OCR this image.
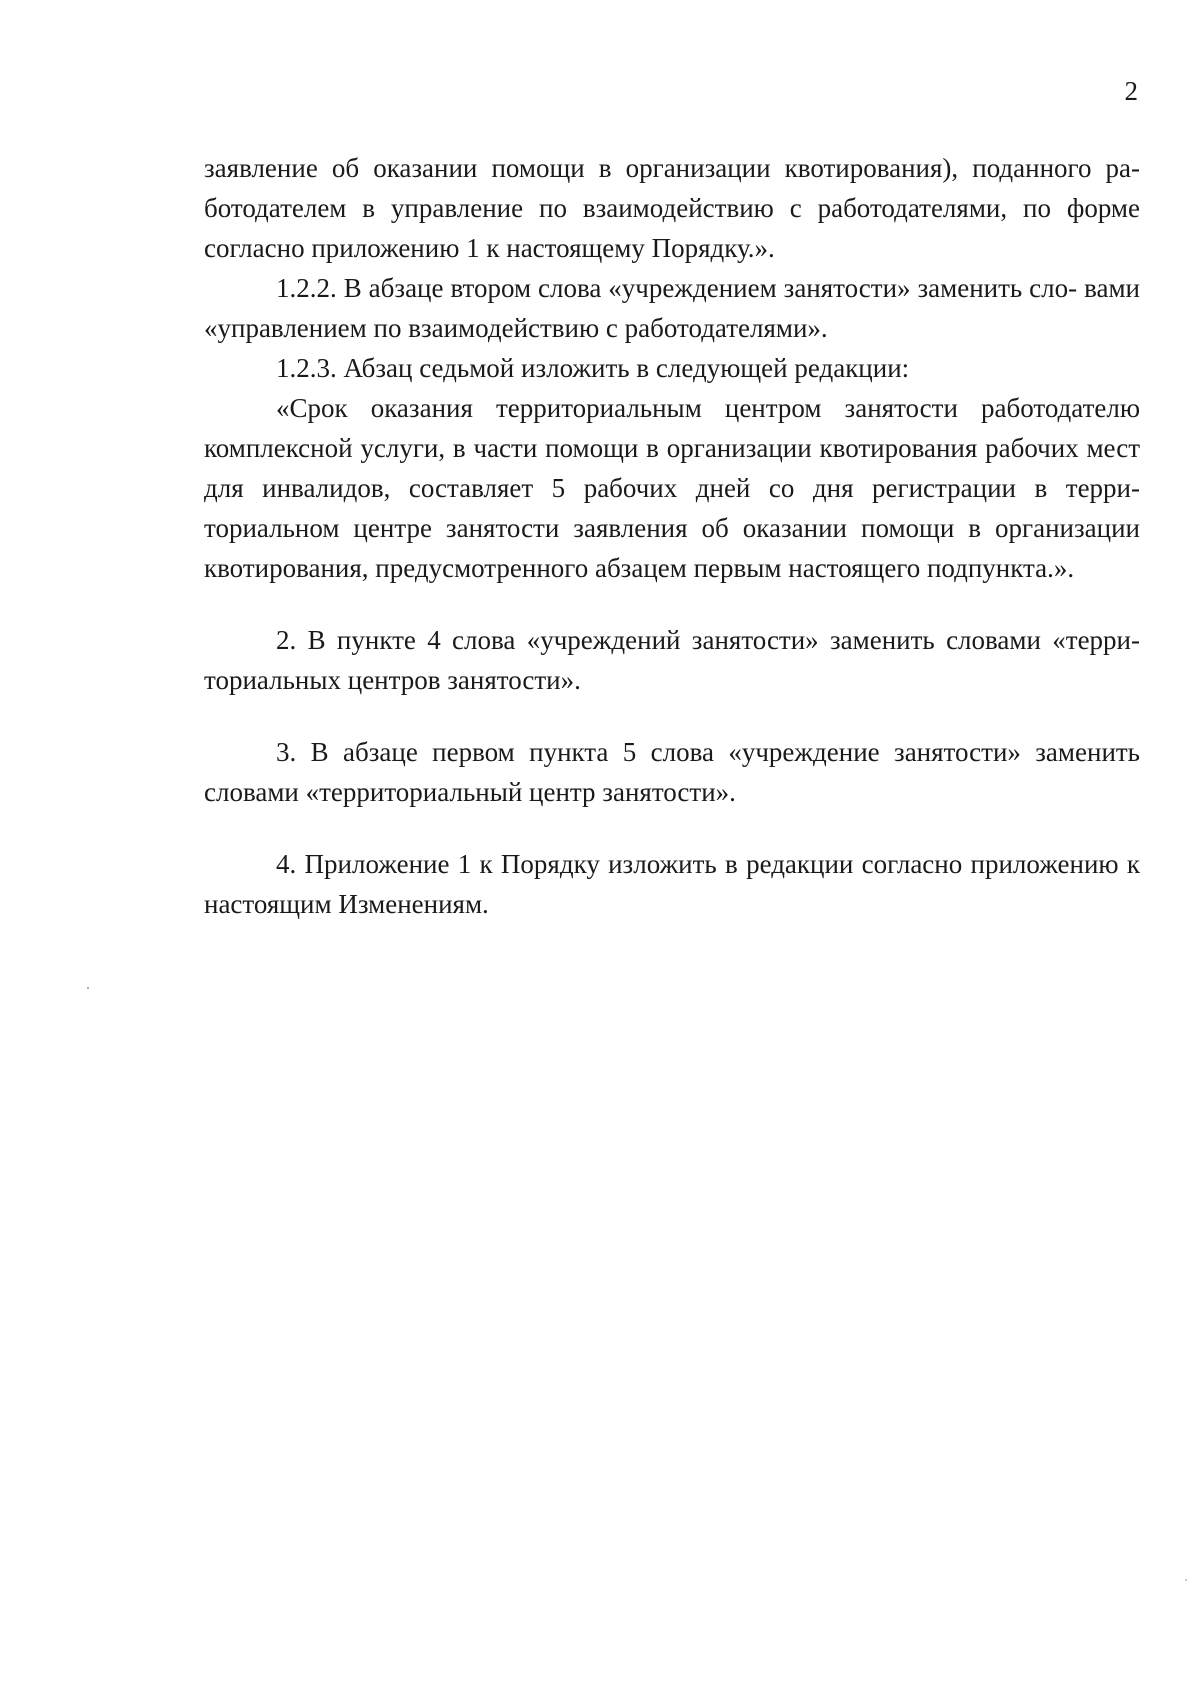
2

заявление об оказании помощи в организации квотирования), поданного ра- ботодателем в управление по взаимодействию с работодателями, по форме согласно приложению 1 к настоящему Порядку.».

1.2.2. В абзаце втором слова «учреждением занятости» заменить сло- вами «управлением по взаимодействию с работодателями».

1.2.3. Абзац седьмой изложить в следующей редакции:

«Срок оказания территориальным центром занятости работодателю комплексной услуги, в части помощи в организации квотирования рабочих мест для инвалидов, составляет 5 рабочих дней со дня регистрации в терри- ториальном центре занятости заявления об оказании помощи в организации квотирования, предусмотренного абзацем первым настоящего подпункта.».

2. В пункте 4 слова «учреждений занятости» заменить словами «терри- ториальных центров занятости».

3. В абзаце первом пункта 5 слова «учреждение занятости» заменить словами «территориальный центр занятости».

4. Приложение 1 к Порядку изложить в редакции согласно приложению к настоящим Изменениям.
